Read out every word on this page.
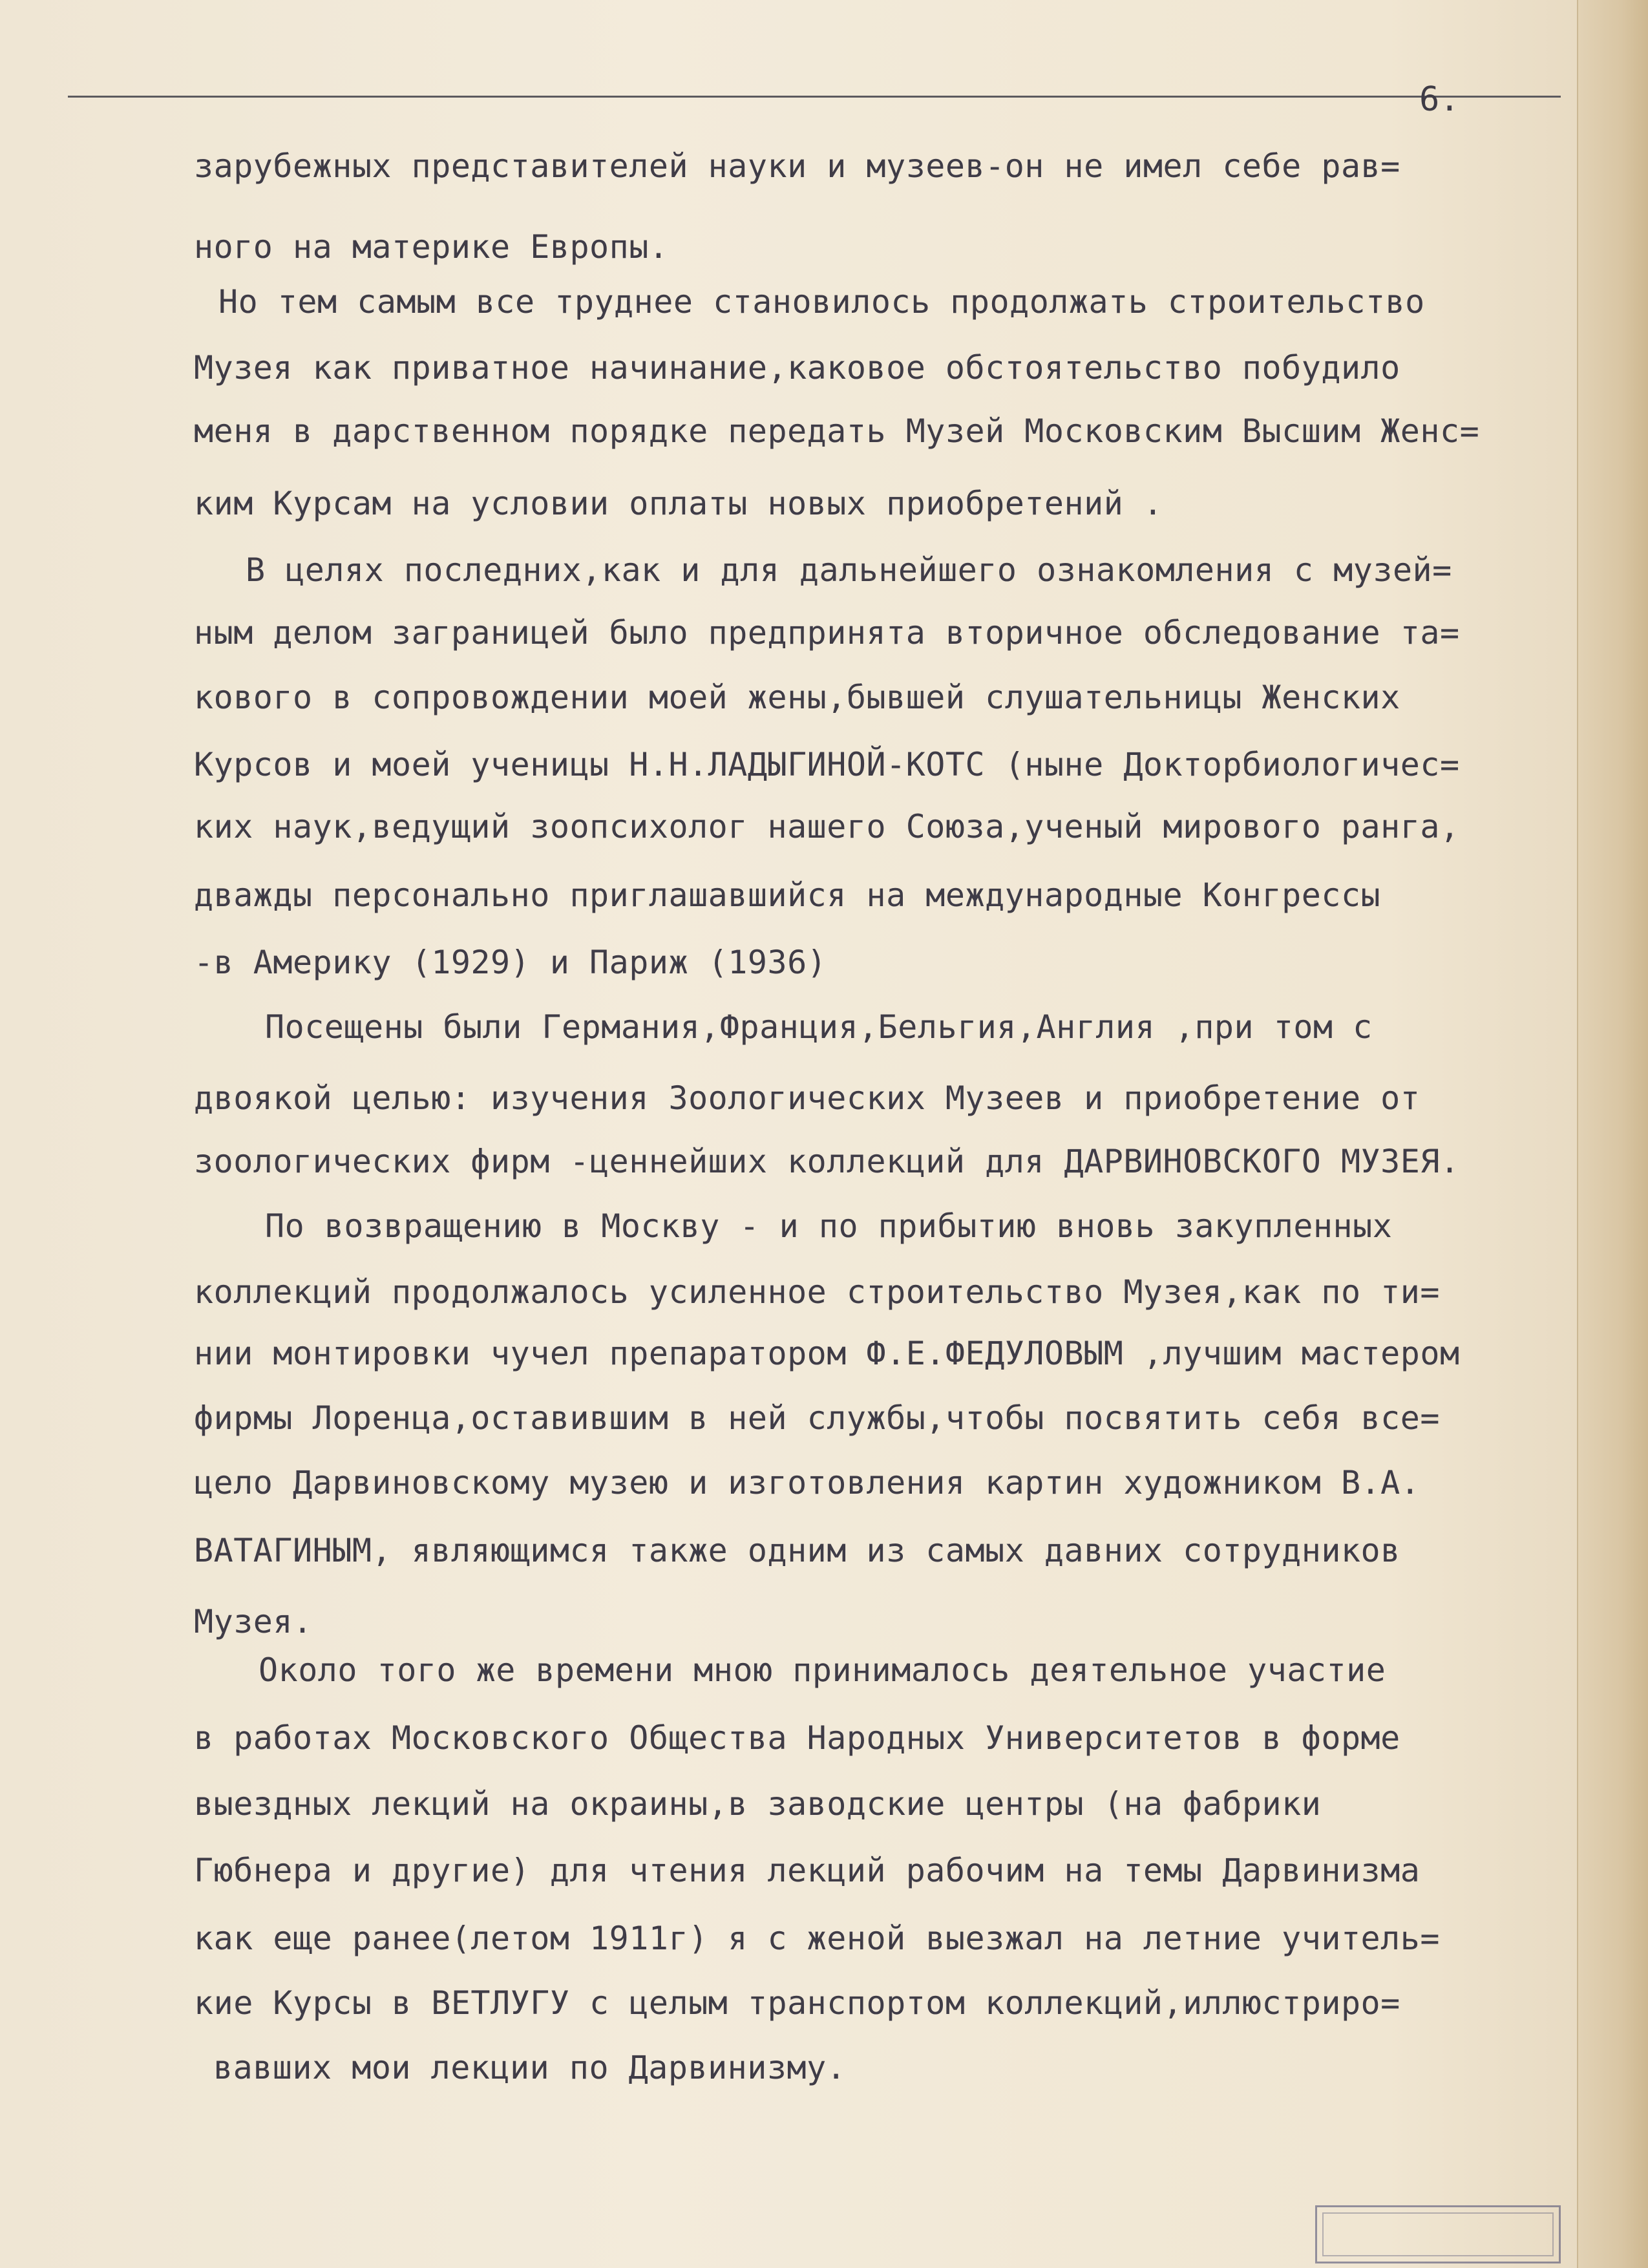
6.
зарубежных представителей науки и музеев-он не имел себе рав=
ного на материке Европы.
Но тем самым все труднее становилось продолжать строительство
Музея как приватное начинание,каковое обстоятельство побудило
меня в дарственном порядке передать Музей Московским Высшим Женс=
ким Курсам на условии оплаты новых приобретений .
В целях последних,как и для дальнейшего ознакомления с музей=
ным делом заграницей было предпринята вторичное обследование та=
кового в сопровождении моей жены,бывшей слушательницы Женских
Курсов и моей ученицы Н.Н.ЛАДЫГИНОЙ-КОТС (ныне Докторбиологичес=
ких наук,ведущий зоопсихолог нашего Союза,ученый мирового ранга,
дважды персонально приглашавшийся на международные Конгрессы
-в Америку (1929) и Париж (1936)
Посещены были Германия,Франция,Бельгия,Англия ,при том с
двоякой целью: изучения Зоологических Музеев и приобретение от
зоологических фирм -ценнейших коллекций для ДАРВИНОВСКОГО МУЗЕЯ.
По возвращению в Москву - и по прибытию вновь закупленных
коллекций продолжалось усиленное строительство Музея,как по ти=
нии монтировки чучел препаратором Ф.Е.ФЕДУЛОВЫМ ,лучшим мастером
фирмы Лоренца,оставившим в ней службы,чтобы посвятить себя все=
цело Дарвиновскому музею и изготовления картин художником В.А.
ВАТАГИНЫМ, являющимся также одним из самых давних сотрудников
Музея.
Около того же времени мною принималось деятельное участие
в работах Московского Общества Народных Университетов в форме
выездных лекций на окраины,в заводские центры (на фабрики
Гюбнера и другие) для чтения лекций рабочим на темы Дарвинизма
как еще ранее(летом 1911г) я с женой выезжал на летние учитель=
кие Курсы в ВЕТЛУГУ с целым транспортом коллекций,иллюстриро=
вавших мои лекции по Дарвинизму.
